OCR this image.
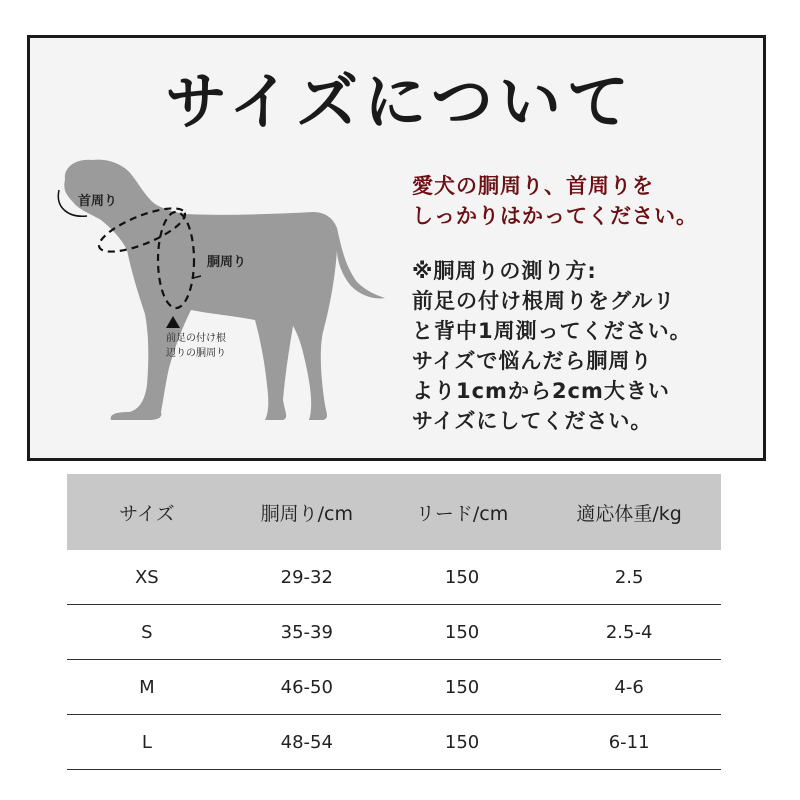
サイズについて
首周り
胴周り
前足の付け根
辺りの胴周り
愛犬の胴周り、首周りを
しっかりはかってください。
※胴周りの測り方:
前足の付け根周りをグルリ
と背中1周測ってください。
サイズで悩んだら胴周り
より1cmから2cm大きい
サイズにしてください。
サイズ	胴周り/cm	リード/cm	適応体重/kg
XS	29-32	150	2.5
S	35-39	150	2.5-4
M	46-50	150	4-6
L	48-54	150	6-11
